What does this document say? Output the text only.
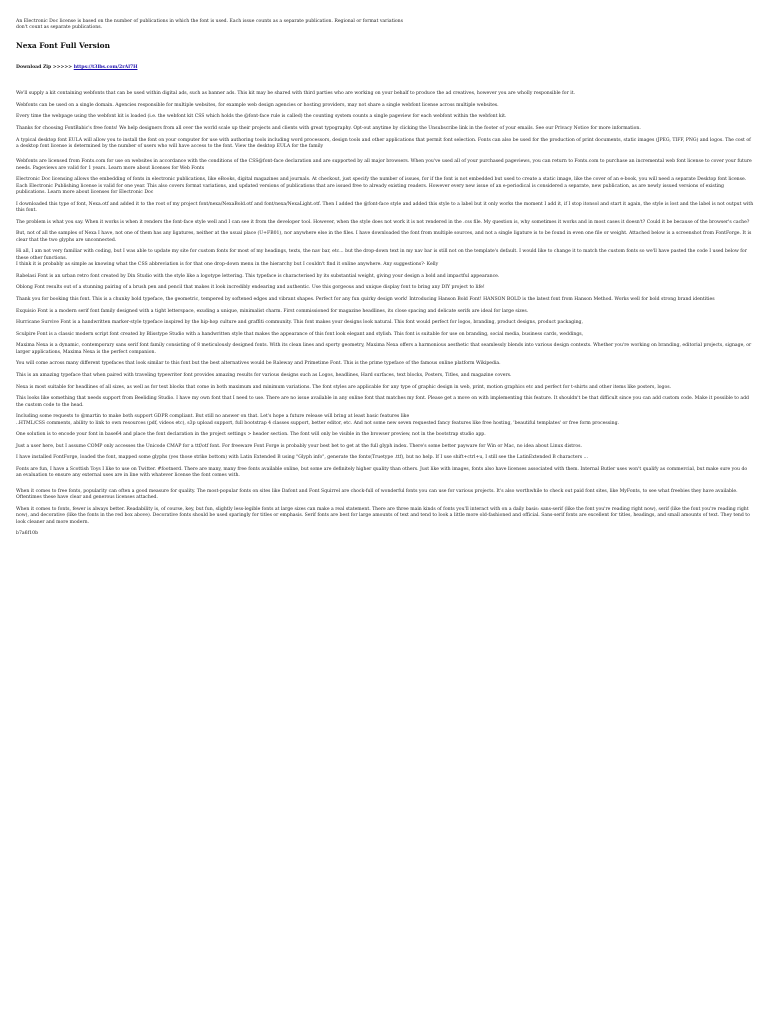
An Electronic Doc license is based on the number of publications in which the font is used. Each issue counts as a separate publication. Regional or format variations don't count as separate publications.

Nexa Font Full Version

Download Zip >>>>> https://t3lbs.com/2rAl7H

We'll supply a kit containing webfonts that can be used within digital ads, such as banner ads. This kit may be shared with third parties who are working on your behalf to produce the ad creatives, however you are wholly responsible for it.

Webfonts can be used on a single domain. Agencies responsible for multiple websites, for example web design agencies or hosting providers, may not share a single webfont license across multiple websites.

Every time the webpage using the webfont kit is loaded (i.e. the webfont kit CSS which holds the @font-face rule is called) the counting system counts a single pageview for each webfont within the webfont kit.

Thanks for choosing FontBabic's free fonts! We help designers from all over the world scale up their projects and clients with great typography. Opt-out anytime by clicking the Unsubscribe link in the footer of your emails. See our Privacy Notice for more information.

A typical desktop font EULA will allow you to install the font on your computer for use with authoring tools including word processors, design tools and other applications that permit font selection. Fonts can also be used for the production of print documents, static images (JPEG, TIFF, PNG) and logos. The cost of a desktop font license is determined by the number of users who will have access to the font. View the desktop EULA for the family

Webfonts are licensed from Fonts.com for use on websites in accordance with the conditions of the CSS@font-face declaration and are supported by all major browsers. When you've used all of your purchased pageviews, you can return to Fonts.com to purchase an incremental web font license to cover your future needs. Pageviews are valid for 1 years. Learn more about licenses for Web Fonts

Electronic Doc licensing allows the embedding of fonts in electronic publications, like eBooks, digital magazines and journals. At checkout, just specify the number of issues, for if the font is not embedded but used to create a static image, like the cover of an e-book, you will need a separate Desktop font license. Each Electronic Publishing license is valid for one year. This also covers format variations, and updated versions of publications that are issued free to already existing readers. However every new issue of an e-periodical is considered a separate, new publication, as are newly issued versions of existing publications. Learn more about licenses for Electronic Doc

I downloaded this type of font, Nexa.otf and added it to the root of my project font/nexa/NexaBold.otf and font/nexa/NexaLight.otf. Then I added the @font-face style and added this style to a label but it only works the moment I add it, if I stop itonsol and start it again, the style is lost and the label is not output with this font.

The problem is what you say. When it works is when it renders the font-face style well and I can see it from the developer tool. However, when the style does not work it is not rendered in the .css file. My question is, why sometimes it works and in most cases it doesn't? Could it be because of the browser's cache?

But, not of all the samples of Nexa I have, not one of them has any ligatures, neither at the usual place (U+FB01), nor anywhere else in the files. I have downloaded the font from multiple sources, and not a single ligature is to be found in even one file or weight. Attached below is a screenshot from FontForge. It is clear that the two glyphs are unconnected.

Hi all, I am not very familiar with coding, but I was able to update my site for custom fonts for most of my headings, texts, the nav bar, etc... but the drop-down text in my nav bar is still not on the template's default. I would like to change it to match the custom fonts so we'll have pasted the code I used below for these other functions.
I think it is probably as simple as knowing what the CSS abbreviation is for that one drop-down menu in the hierarchy but I couldn't find it online anywhere. Any suggestions?- Kelly

Rabelasi Font is an urban retro font created by Din Studio with the style like a logotype lettering. This typeface is characterised by its substantial weight, giving your design a bold and impactful appearance.

Oblong Font results out of a stunning pairing of a brush pen and pencil that makes it look incredibly endearing and authentic. Use this gorgeous and unique display font to bring any DIY project to life!

Thank you for booking this font. This is a chunky bold typeface, the geometric, tempered by softened edges and vibrant shapes. Perfect for any fun quirky design work! Introducing Hanson Bold Font! HANSON BOLD is the latest font from Hanson Method. Works well for bold strong brand identities

Exquisio Font is a modern serif font family designed with a tight letterspace, exuding a unique, minimalist charm. First commissioned for magazine headlines, its close spacing and delicate serifs are ideal for large sizes.

Hurricane Survive Font is a handwritten marker-style typeface inspired by the hip-hop culture and graffiti community. This font makes your designs look natural. This font would perfect for logos, branding, product designs, product packaging,

Sculpire Font is a classic modern script font created by Blisstype Studio with a handwritten style that makes the appearance of this font look elegant and stylish. This font is suitable for use on branding, social media, business cards, weddings,

Maxima Nexa is a dynamic, contemporary sans serif font family consisting of 8 meticulously designed fonts. With its clean lines and sporty geometry, Maxima Nexa offers a harmonious aesthetic that seamlessly blends into various design contexts. Whether you're working on branding, editorial projects, signage, or larger applications, Maxima Nexa is the perfect companion.

You will come across many different typefaces that look similar to this font but the best alternatives would be Raleway and Primetime Font. This is the prime typeface of the famous online platform Wikipedia.

This is an amazing typeface that when paired with traveling typewriter font provides amazing results for various designs such as Logos, headlines, Hard surfaces, text blocks, Posters, Titles, and magazine covers.

Nexa is most suitable for headlines of all sizes, as well as for text blocks that come in both maximum and minimum variations. The font styles are applicable for any type of graphic design in web, print, motion graphics etc and perfect for t-shirts and other items like posters, logos.

This looks like something that needs support from Beeliding Studio. I have my own font that I need to use. There are no issue available in any online font that matches my font. Please get a move on with implementing this feature. It shouldn't be that difficult since you can add custom code. Make it possible to add the custom code to the head.

Including some requests to @martin to make both support GDPR compliant. But still no answer on that. Let's hope a future release will bring at least basic features like
..HTML/CSS comments, ability to link to own resources (pdf, videos etc), s3p upload support, full bootstrap 4 classes support, better editor, etc. And not some new seven requested fancy features like free hosting, 'beautiful templates' or free form processing.

One solution is to encode your font in base64 and place the font declaration in the project settings > header section. The font will only be visible in the browser preview, not in the bootstrap studio app.

Just a user here, but I assume COMP only accesses the Unicode CMAP for a ttf/otf font. For freeware Font Forge is probably your best bet to get at the full glyph index. There's some better payware for Win or Mac, no idea about Linux distros.

I have installed FontForge, loaded the font, mapped some glyphs (yes those strike bottom) with Latin Extended B using "Glyph info", generate the fonts(Truetype .ttf), but no help. If I use shift+ctrl+u, I still see the LatinExtended B characters ...

Fonts are fun, I have a Scottish Toys I like to use on Twitter. #footnerd. There are many, many free fonts available online, but some are definitely higher quality than others. Just like with images, fonts also have licenses associated with them. Internal Butler uses won't qualify as commercial, but make sure you do an evaluation to ensure any external uses are in line with whatever license the font comes with.

When it comes to free fonts, popularity can often a good measure for quality. The most-popular fonts on sites like Dafont and Font Squirrel are chock-full of wonderful fonts you can use for various projects. It's also worthwhile to check out paid font sites, like MyFonts, to see what freebies they have available. Oftentimes these have clear and generous licenses attached.

When it comes to fonts, fewer is always better. Readability is, of course, key, but fun, slightly less-legible fonts at large sizes can make a real statement. There are three main kinds of fonts you'll interact with on a daily basis: sans-serif (like the font you're reading right now), serif (like the font you're reading right now), and decorative (like the fonts in the red box above). Decorative fonts should be used sparingly for titles or emphasis. Serif fonts are best for large amounts of text and tend to look a little more old-fashioned and official. Sans-serif fonts are excellent for titles, headings, and small amounts of text. They tend to look cleaner and more modern.

b7a6f10b
